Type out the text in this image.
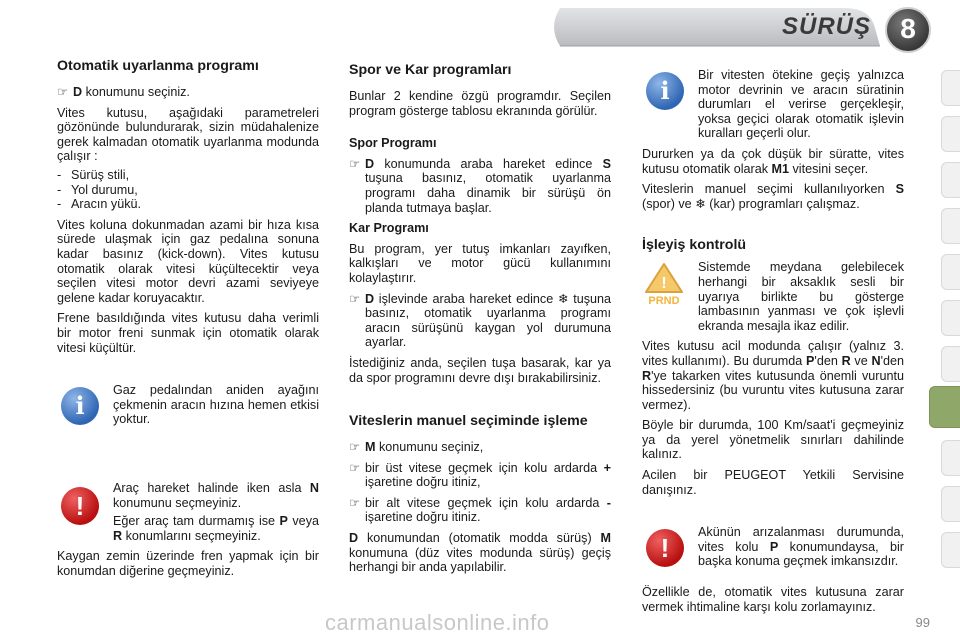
SÜRÜŞ 8
Otomatik uyarlanma programı
☞ D konumunu seçiniz.

Vites kutusu, aşağıdaki parametreleri gözönünde bulundurarak, sizin müdahalenize gerek kalmadan otomatik uyarlanma modunda çalışır :

- Sürüş stili,
- Yol durumu,
- Aracın yükü.

Vites koluna dokunmadan azami bir hıza kısa sürede ulaşmak için gaz pedalına sonuna kadar basınız (kick-down). Vites kutusu otomatik olarak vitesi küçültecektir veya seçilen vitesi motor devri azami seviyeye gelene kadar koruyacaktır.

Frene basıldığında vites kutusu daha verimli bir motor freni sunmak için otomatik olarak vitesi küçültür.

i

Gaz pedalından aniden ayağını çekmenin aracın hızına hemen etkisi yoktur.

!

Araç hareket halinde iken asla N konumunu seçmeyiniz.

Eğer araç tam durmamış ise P veya R konumlarını seçmeyiniz.

Kaygan zemin üzerinde fren yapmak için bir konumdan diğerine geçmeyiniz.

Spor ve Kar programları

Bunlar 2 kendine özgü programdır. Seçilen program gösterge tablosu ekranında görülür.

Spor Programı
☞ D konumunda araba hareket edince S tuşuna basınız, otomatik uyarlanma programı daha dinamik bir sürüşü ön planda tutmaya başlar.
Kar Programı

Bu program, yer tutuş imkanları zayıfken, kalkışları ve motor gücü kullanımını kolaylaştırır.

☞ D işlevinde araba hareket edince ❄ tuşuna basınız, otomatik uyarlanma programı aracın sürüşünü kaygan yol durumuna ayarlar.

İstediğiniz anda, seçilen tuşa basarak, kar ya da spor programını devre dışı bırakabilirsiniz.

Viteslerin manuel seçiminde işleme
☞ M konumunu seçiniz,
☞ bir üst vitese geçmek için kolu ardarda + işaretine doğru itiniz,
☞ bir alt vitese geçmek için kolu ardarda - işaretine doğru itiniz.

D konumundan (otomatik modda sürüş) M konumuna (düz vites modunda sürüş) geçiş herhangi bir anda yapılabilir.

i

Bir vitesten ötekine geçiş yalnızca motor devrinin ve aracın süratinin durumları el verirse gerçekleşir, yoksa geçici olarak otomatik işlevin kuralları geçerli olur.

Dururken ya da çok düşük bir süratte, vites kutusu otomatik olarak M1 vitesini seçer.

Viteslerin manuel seçimi kullanılıyorken S (spor) ve ❄ (kar) programları çalışmaz.

İşleyiş kontrolü
!
PRND

Sistemde meydana gelebilecek herhangi bir aksaklık sesli bir uyarıya birlikte bu gösterge lambasının yanması ve çok işlevli ekranda mesajla ikaz edilir.

Vites kutusu acil modunda çalışır (yalnız 3. vites kullanımı). Bu durumda P'den R ve N'den R'ye takarken vites kutusunda önemli vuruntu hissedersiniz (bu vuruntu vites kutusuna zarar vermez).

Böyle bir durumda, 100 Km/saat'i geçmeyiniz ya da yerel yönetmelik sınırları dahilinde kalınız.

Acilen bir PEUGEOT Yetkili Servisine danışınız.

!

Akünün arızalanması durumunda, vites kolu P konumundaysa, bir başka konuma geçmek imkansızdır.

Özellikle de, otomatik vites kutusuna zarar vermek ihtimaline karşı kolu zorlamayınız.

99
carmanualsonline.info
